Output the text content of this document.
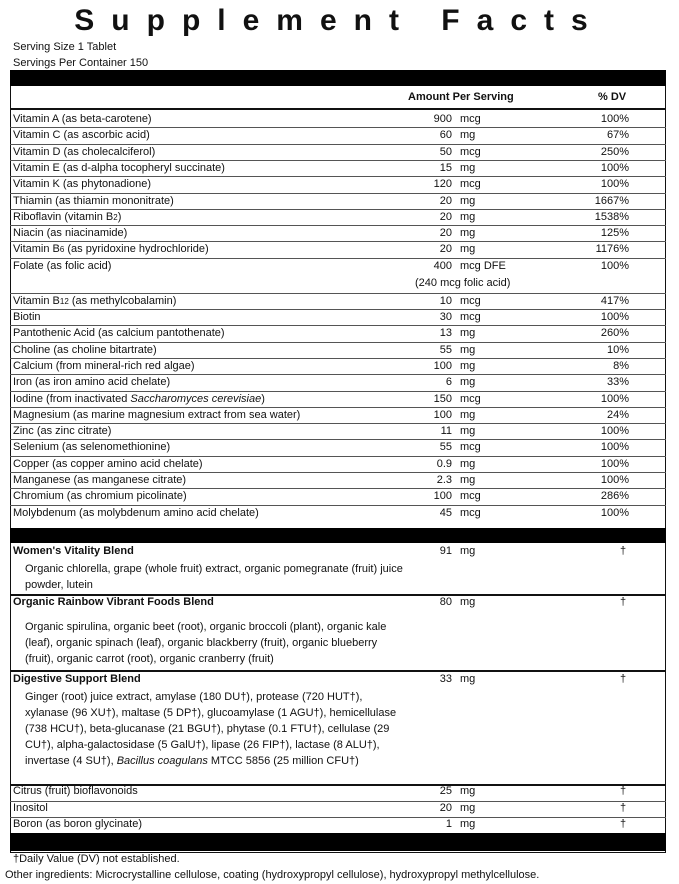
Supplement Facts
Serving Size 1 Tablet
Servings Per Container 150
Amount Per Serving	% DV
Vitamin A (as beta-carotene)	900 mcg	100%
Vitamin C (as ascorbic acid)	60 mg	67%
Vitamin D (as cholecalciferol)	50 mcg	250%
Vitamin E (as d-alpha tocopheryl succinate)	15 mg	100%
Vitamin K (as phytonadione)	120 mcg	100%
Thiamin (as thiamin mononitrate)	20 mg	1667%
Riboflavin (vitamin B2)	20 mg	1538%
Niacin (as niacinamide)	20 mg	125%
Vitamin B6 (as pyridoxine hydrochloride)	20 mg	1176%
Folate (as folic acid)	400 mcg DFE	100%
(240 mcg folic acid)
Vitamin B12 (as methylcobalamin)	10 mcg	417%
Biotin	30 mcg	100%
Pantothenic Acid (as calcium pantothenate)	13 mg	260%
Choline (as choline bitartrate)	55 mg	10%
Calcium (from mineral-rich red algae)	100 mg	8%
Iron (as iron amino acid chelate)	6 mg	33%
Iodine (from inactivated Saccharomyces cerevisiae)	150 mcg	100%
Magnesium (as marine magnesium extract from sea water)	100 mg	24%
Zinc (as zinc citrate)	11 mg	100%
Selenium (as selenomethionine)	55 mcg	100%
Copper (as copper amino acid chelate)	0.9 mg	100%
Manganese (as manganese citrate)	2.3 mg	100%
Chromium (as chromium picolinate)	100 mcg	286%
Molybdenum (as molybdenum amino acid chelate)	45 mcg	100%
Women's Vitality Blend	91 mg	†
Organic chlorella, grape (whole fruit) extract, organic pomegranate (fruit) juice powder, lutein
Organic Rainbow Vibrant Foods Blend	80 mg	†
Organic spirulina, organic beet (root), organic broccoli (plant), organic kale (leaf), organic spinach (leaf), organic blackberry (fruit), organic blueberry (fruit), organic carrot (root), organic cranberry (fruit)
Digestive Support Blend	33 mg	†
Ginger (root) juice extract, amylase (180 DU†), protease (720 HUT†), xylanase (96 XU†), maltase (5 DP†), glucoamylase (1 AGU†), hemicellulase (738 HCU†), beta-glucanase (21 BGU†), phytase (0.1 FTU†), cellulase (29 CU†), alpha-galactosidase (5 GalU†), lipase (26 FIP†), lactase (8 ALU†), invertase (4 SU†), Bacillus coagulans MTCC 5856 (25 million CFU†)
Citrus (fruit) bioflavonoids	25 mg	†
Inositol	20 mg	†
Boron (as boron glycinate)	1 mg	†
†Daily Value (DV) not established.
Other ingredients: Microcrystalline cellulose, coating (hydroxypropyl cellulose), hydroxypropyl methylcellulose.
